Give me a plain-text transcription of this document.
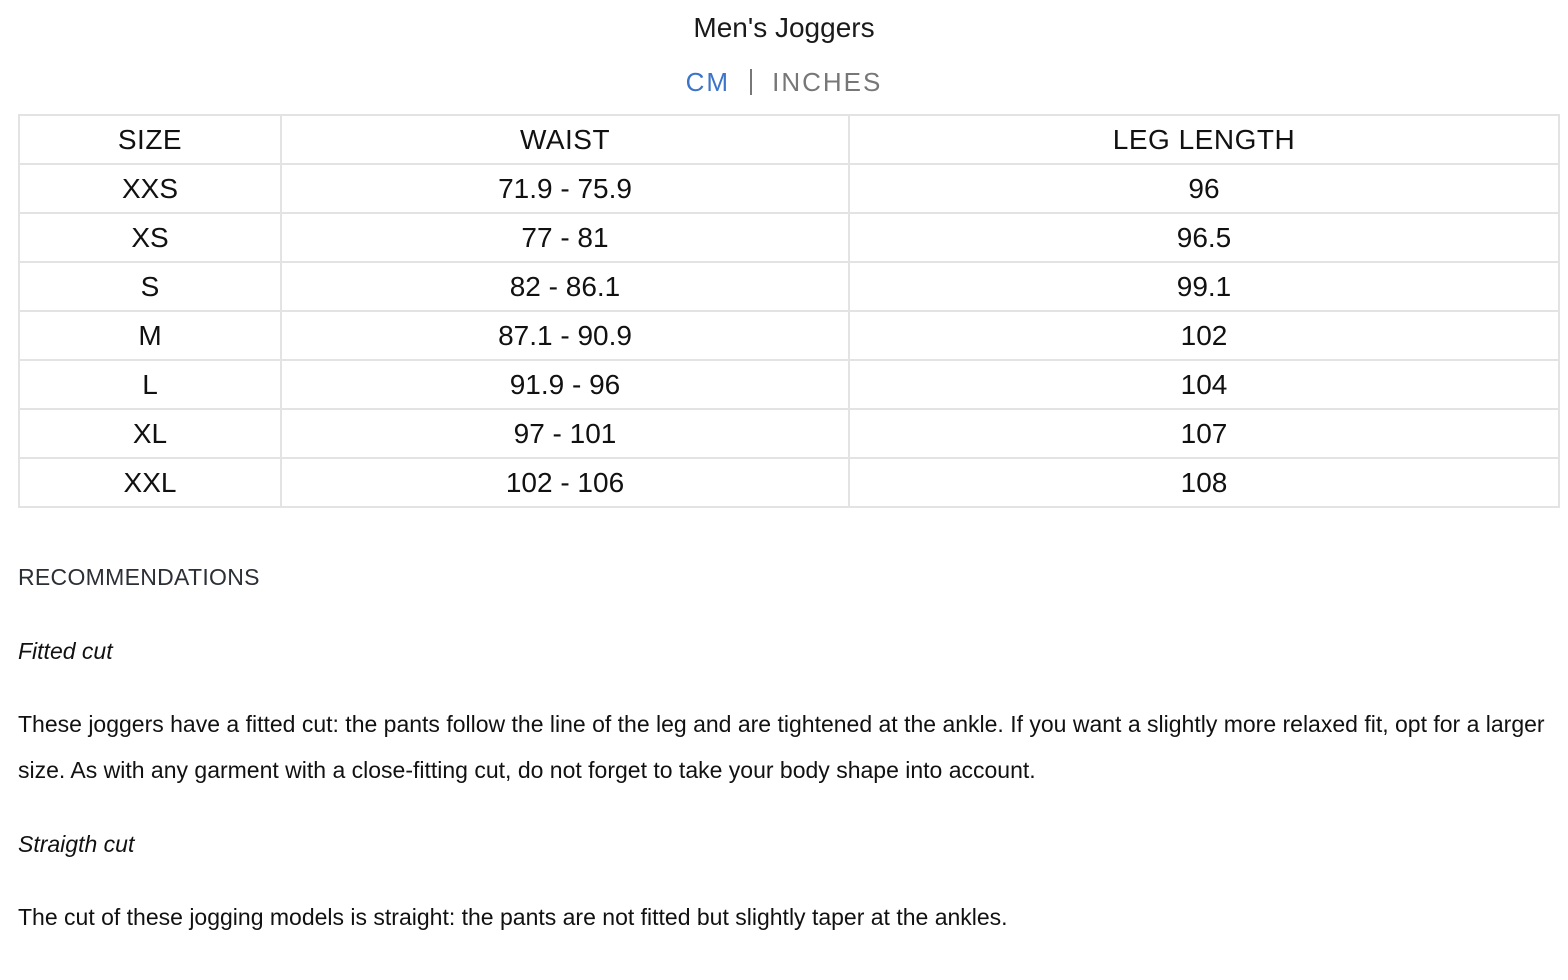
Men's Joggers
CM INCHES
SIZE	WAIST	LEG LENGTH
XXS	71.9 - 75.9	96
XS	77 - 81	96.5
S	82 - 86.1	99.1
M	87.1 - 90.9	102
L	91.9 - 96	104
XL	97 - 101	107
XXL	102 - 106	108
RECOMMENDATIONS
Fitted cut
These joggers have a fitted cut: the pants follow the line of the leg and are tightened at the ankle. If you want a slightly more relaxed fit, opt for a larger size. As with any garment with a close-fitting cut, do not forget to take your body shape into account.
Straigth cut
The cut of these jogging models is straight: the pants are not fitted but slightly taper at the ankles.
